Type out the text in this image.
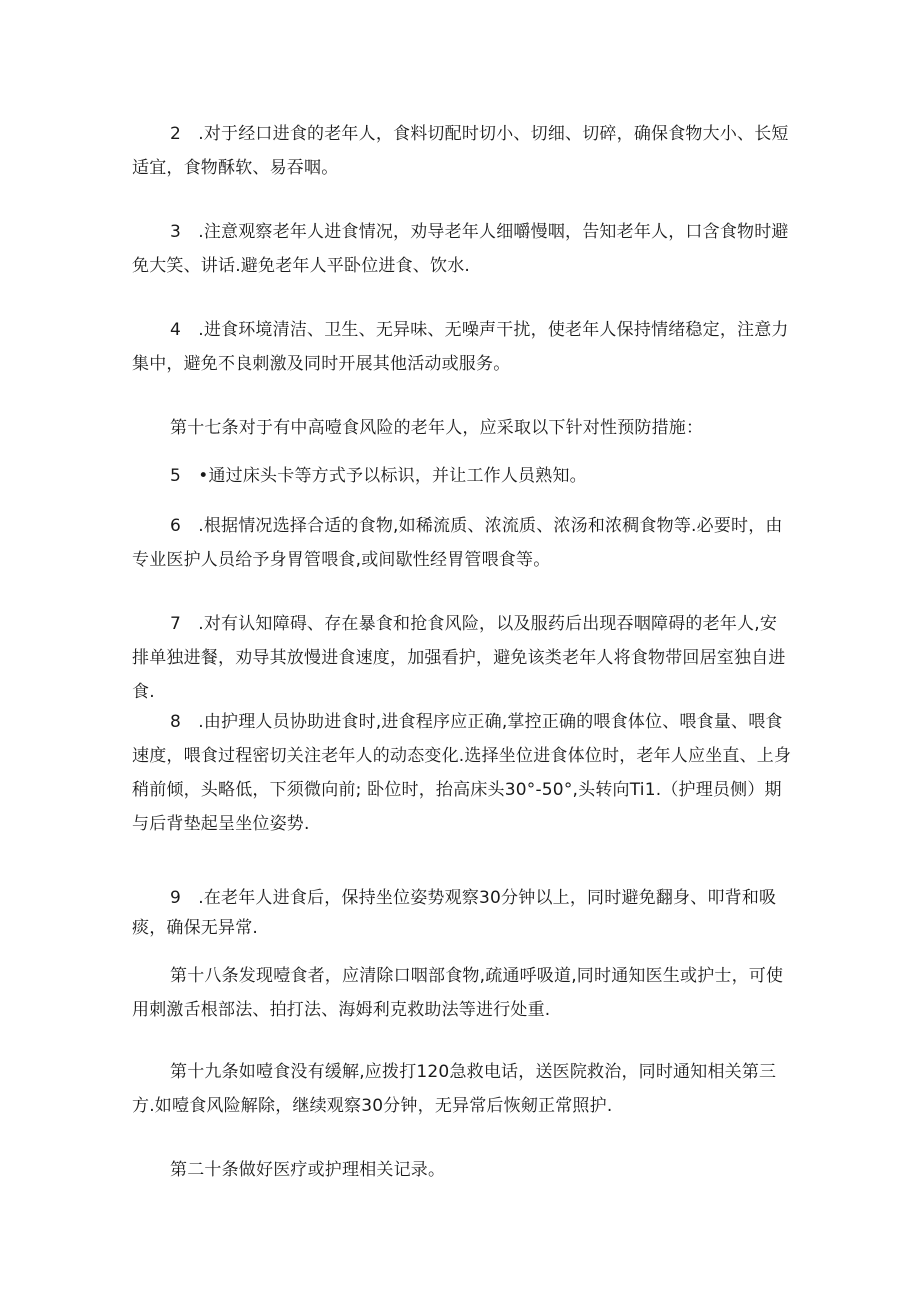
2　.对于经口进食的老年人，食料切配时切小、切细、切碎，确保食物大小、长短适宜，食物酥软、易吞咽。

3　.注意观察老年人进食情况，劝导老年人细嚼慢咽，告知老年人，口含食物时避免大笑、讲话.避免老年人平卧位进食、饮水.

4　.进食环境清洁、卫生、无异味、无噪声干扰，使老年人保持情绪稳定，注意力集中，避免不良刺激及同时开展其他活动或服务。

第十七条对于有中高噎食风险的老年人，应采取以下针对性预防措施：

5　•通过床头卡等方式予以标识，并让工作人员熟知。

6　.根据情况选择合适的食物,如稀流质、浓流质、浓汤和浓稠食物等.必要时，由专业医护人员给予身胃管喂食,或间歇性经胃管喂食等。

7　.对有认知障碍、存在暴食和抢食风险，以及服药后出现吞咽障碍的老年人,安排单独进餐，劝导其放慢进食速度，加强看护，避免该类老年人将食物带回居室独自进食.

8　.由护理人员协助进食时,进食程序应正确,掌控正确的喂食体位、喂食量、喂食速度，喂食过程密切关注老年人的动态变化.选择坐位进食体位时，老年人应坐直、上身稍前倾，头略低，下须微向前; 卧位时，抬高床头30°-50°,头转向Ti1.（护理员侧）期与后背垫起呈坐位姿势.

9　.在老年人进食后，保持坐位姿势观察30分钟以上，同时避免翻身、叩背和吸痰，确保无异常.

第十八条发现噎食者，应清除口咽部食物,疏通呼吸道,同时通知医生或护士，可使用刺激舌根部法、拍打法、海姆利克救助法等进行处重.

第十九条如噎食没有缓解,应拨打120急救电话，送医院救治，同时通知相关第三方.如噎食风险解除，继续观察30分钟，无异常后恢剱正常照护.

第二十条做好医疗或护理相关记录。
